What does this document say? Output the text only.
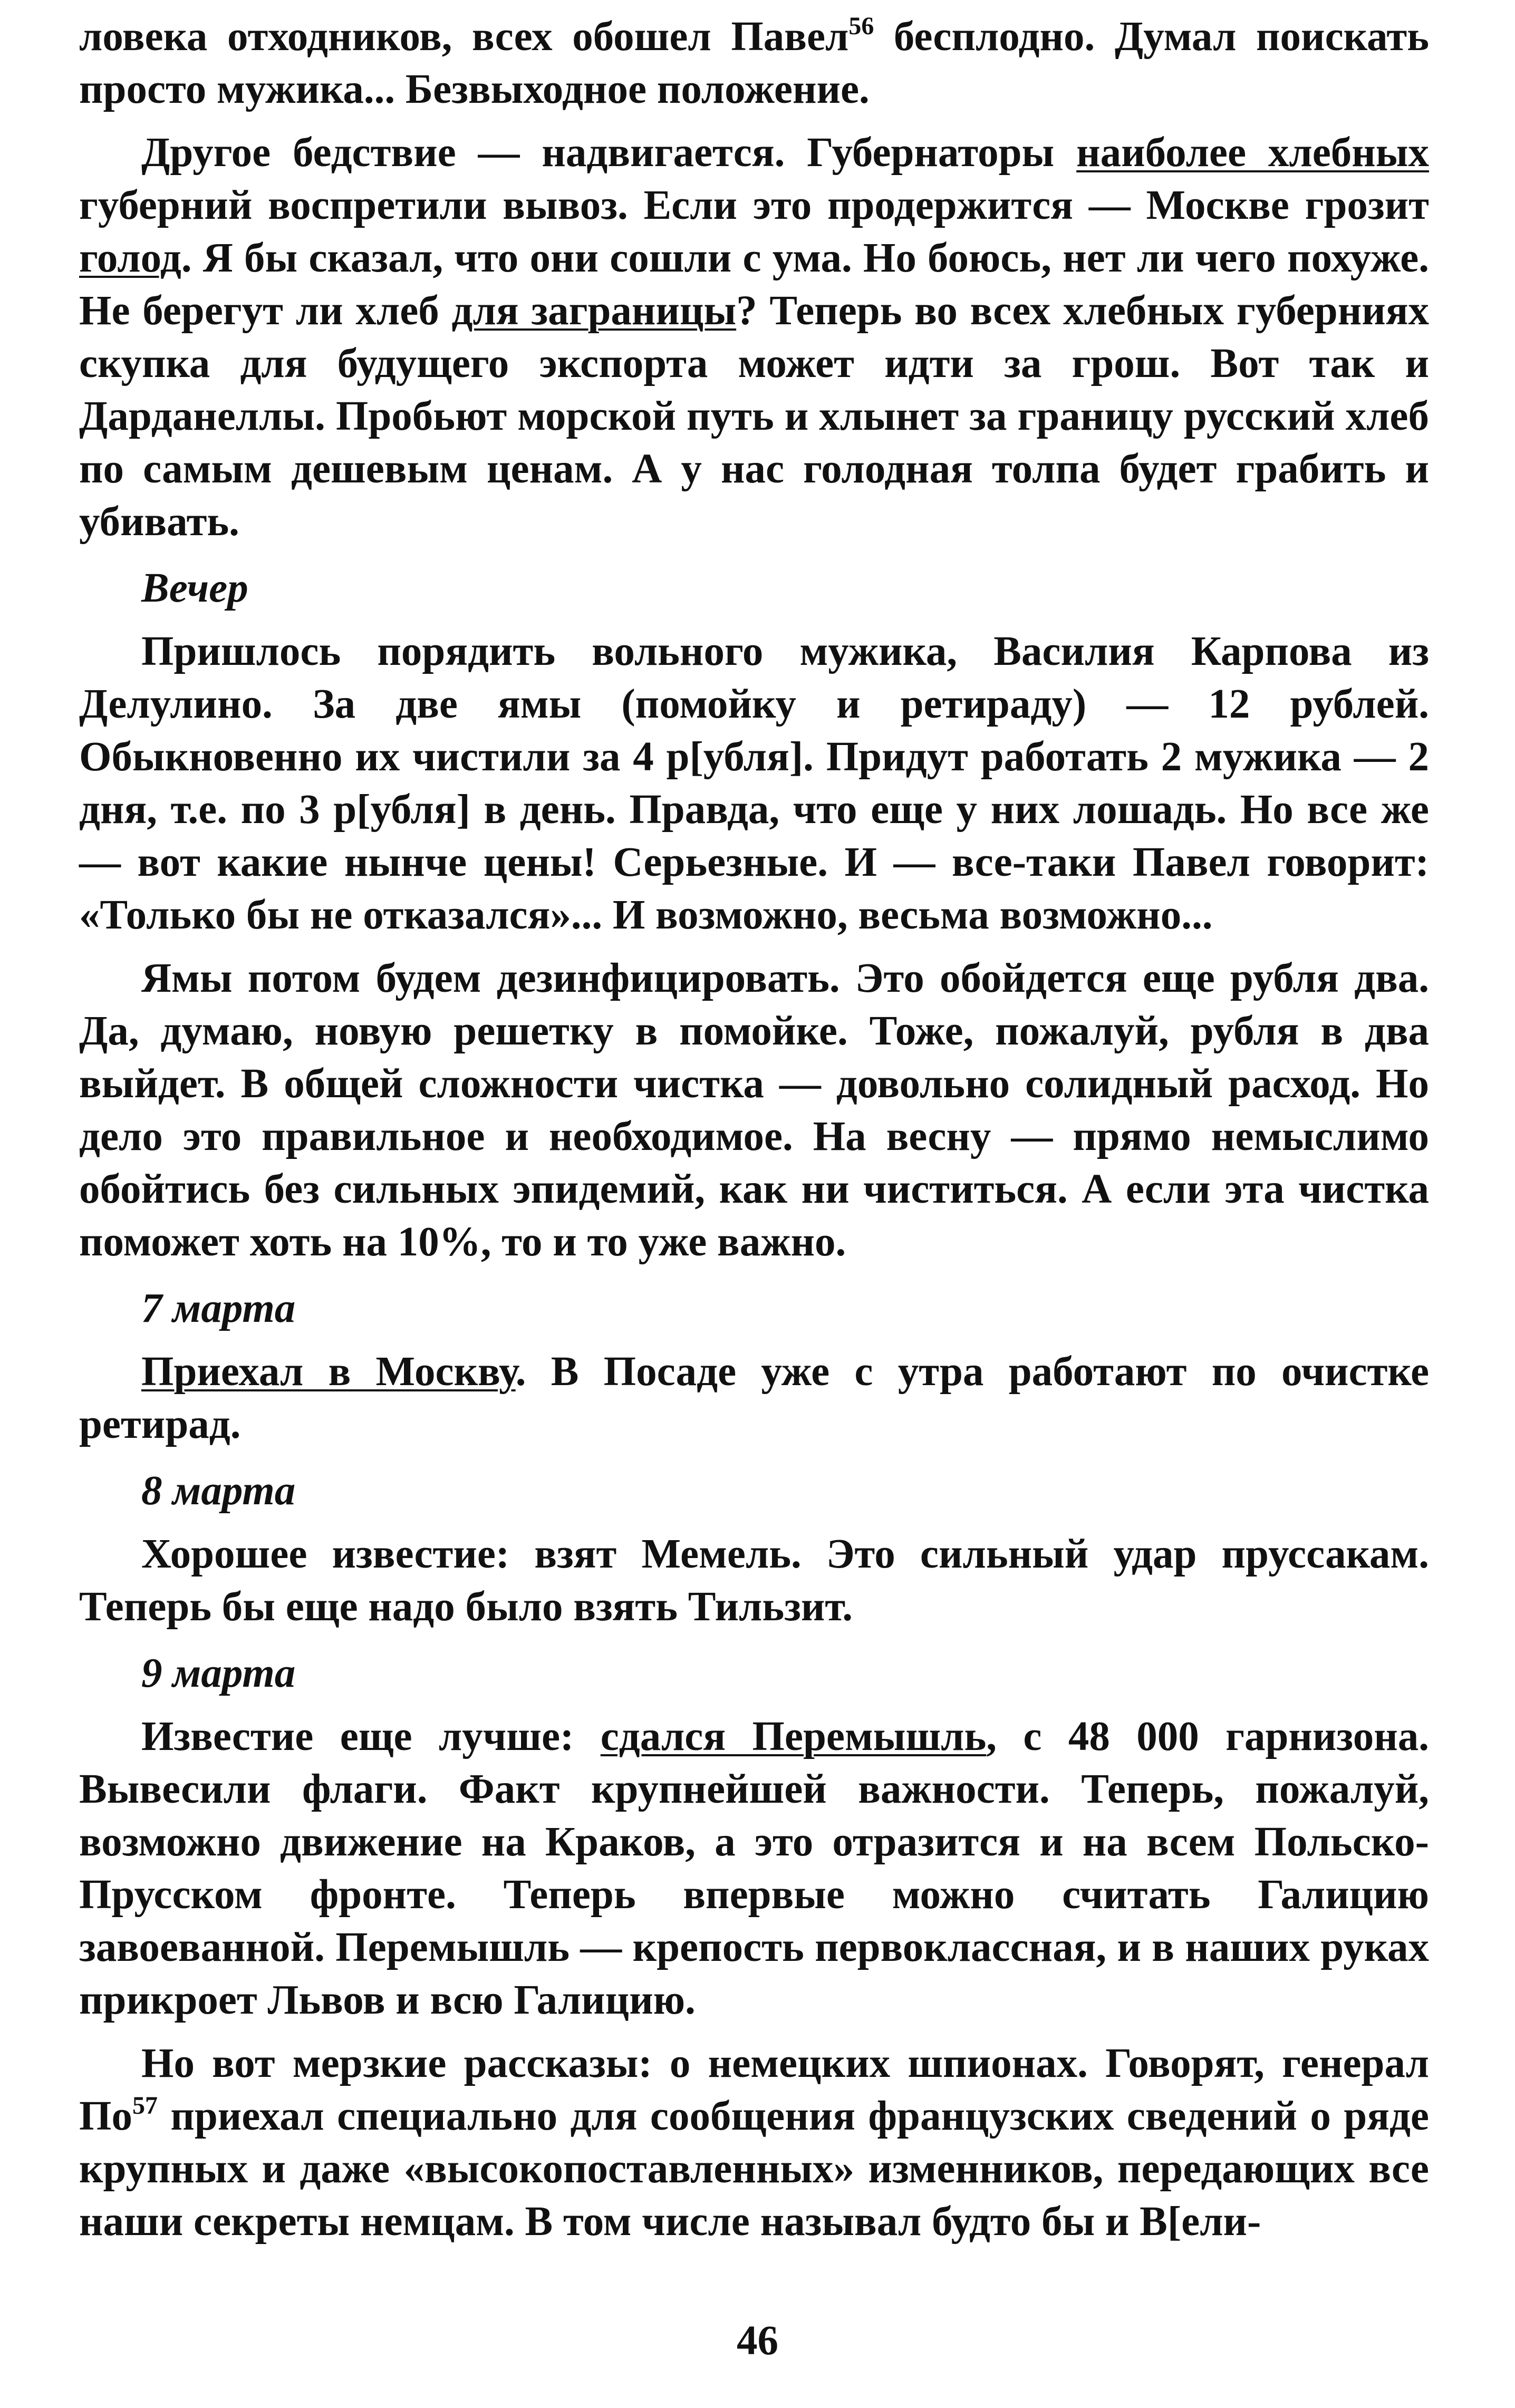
ловека отходников, всех обошел Павел$^{56}$ бесплодно. Думал поискать просто мужика... Безвыходное положение.

Другое бедствие — надвигается. Губернаторы наиболее хлебных губерний воспретили вывоз. Если это продержится — Москве грозит голод. Я бы сказал, что они сошли с ума. Но боюсь, нет ли чего похуже. Не берегут ли хлеб для заграницы? Теперь во всех хлебных губерниях скупка для будущего экспорта может идти за грош. Вот так и Дарданеллы. Пробьют морской путь и хлынет за границу русский хлеб по самым дешевым ценам. А у нас голодная толпа будет грабить и убивать.

Вечер

Пришлось порядить вольного мужика, Василия Карпова из Делулино. За две ямы (помойку и ретираду) — 12 рублей. Обыкновенно их чистили за 4 р[убля]. Придут работать 2 мужика — 2 дня, т.е. по 3 р[убля] в день. Правда, что еще у них лошадь. Но все же — вот какие нынче цены! Серьезные. И — все-таки Павел говорит: «Только бы не отказался»... И возможно, весьма возможно...

Ямы потом будем дезинфицировать. Это обойдется еще рубля два. Да, думаю, новую решетку в помойке. Тоже, пожалуй, рубля в два выйдет. В общей сложности чистка — довольно солидный расход. Но дело это правильное и необходимое. На весну — прямо немыслимо обойтись без сильных эпидемий, как ни чиститься. А если эта чистка поможет хоть на 10%, то и то уже важно.

7 марта

Приехал в Москву. В Посаде уже с утра работают по очистке ретирад.

8 марта

Хорошее известие: взят Мемель. Это сильный удар пруссакам. Теперь бы еще надо было взять Тильзит.

9 марта

Известие еще лучше: сдался Перемышль, с 48 000 гарнизона. Вывесили флаги. Факт крупнейшей важности. Теперь, пожалуй, возможно движение на Краков, а это отразится и на всем Польско-Прусском фронте. Теперь впервые можно считать Галицию завоеванной. Перемышль — крепость первоклассная, и в наших руках прикроет Львов и всю Галицию.

Но вот мерзкие рассказы: о немецких шпионах. Говорят, генерал $По^{57}$ приехал специально для сообщения французских сведений о ряде крупных и даже «высокопоставленных» изменников, передающих все наши секреты немцам. В том числе называл будто бы и В[ели-

46
